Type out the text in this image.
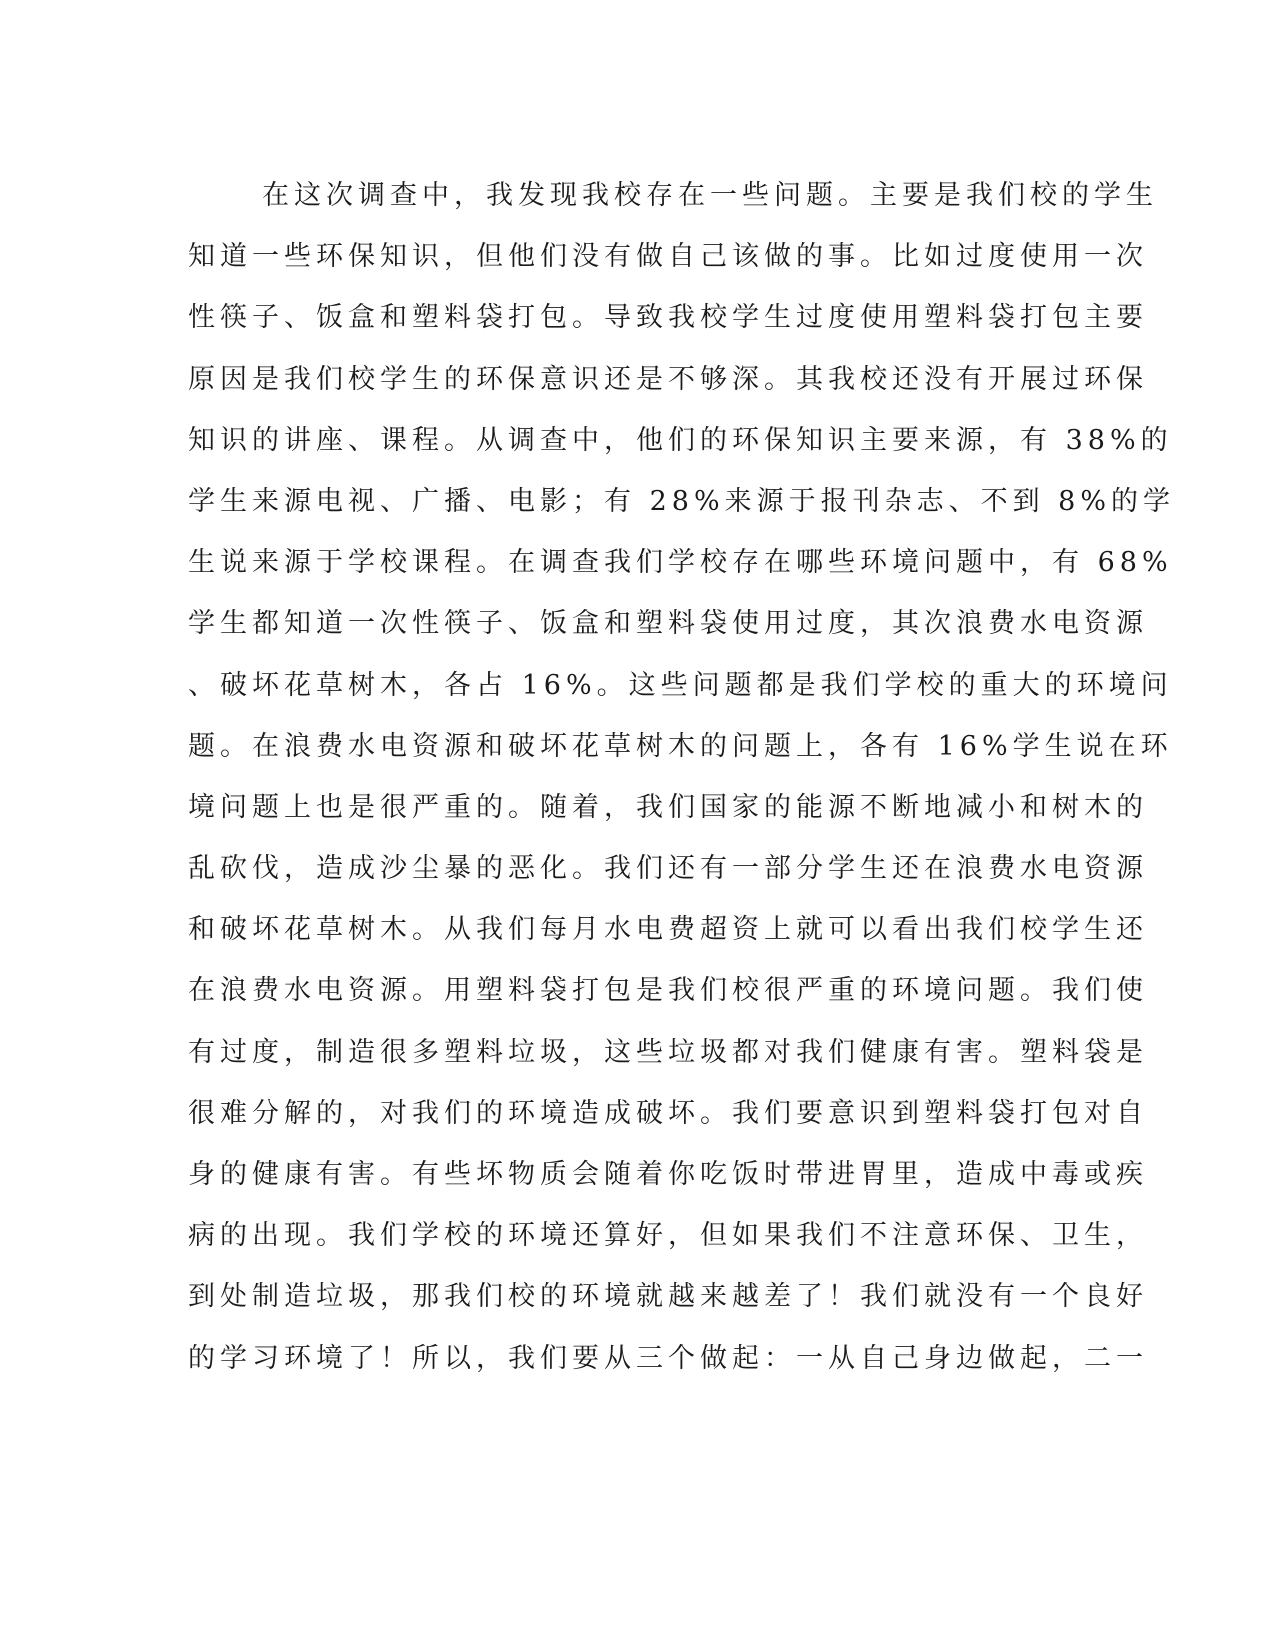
在这次调查中，我发现我校存在一些问题。主要是我们校的学生
知道一些环保知识，但他们没有做自己该做的事。比如过度使用一次
性筷子、饭盒和塑料袋打包。导致我校学生过度使用塑料袋打包主要
原因是我们校学生的环保意识还是不够深。其我校还没有开展过环保
知识的讲座、课程。从调查中，他们的环保知识主要来源，有 38%的
学生来源电视、广播、电影；有 28%来源于报刊杂志、不到 8%的学
生说来源于学校课程。在调查我们学校存在哪些环境问题中，有 68%
学生都知道一次性筷子、饭盒和塑料袋使用过度，其次浪费水电资源
、破坏花草树木，各占 16%。这些问题都是我们学校的重大的环境问
题。在浪费水电资源和破坏花草树木的问题上，各有 16%学生说在环
境问题上也是很严重的。随着，我们国家的能源不断地减小和树木的
乱砍伐，造成沙尘暴的恶化。我们还有一部分学生还在浪费水电资源
和破坏花草树木。从我们每月水电费超资上就可以看出我们校学生还
在浪费水电资源。用塑料袋打包是我们校很严重的环境问题。我们使
有过度，制造很多塑料垃圾，这些垃圾都对我们健康有害。塑料袋是
很难分解的，对我们的环境造成破坏。我们要意识到塑料袋打包对自
身的健康有害。有些坏物质会随着你吃饭时带进胃里，造成中毒或疾
病的出现。我们学校的环境还算好，但如果我们不注意环保、卫生，
到处制造垃圾，那我们校的环境就越来越差了！我们就没有一个良好
的学习环境了！所以，我们要从三个做起：一从自己身边做起，二一
